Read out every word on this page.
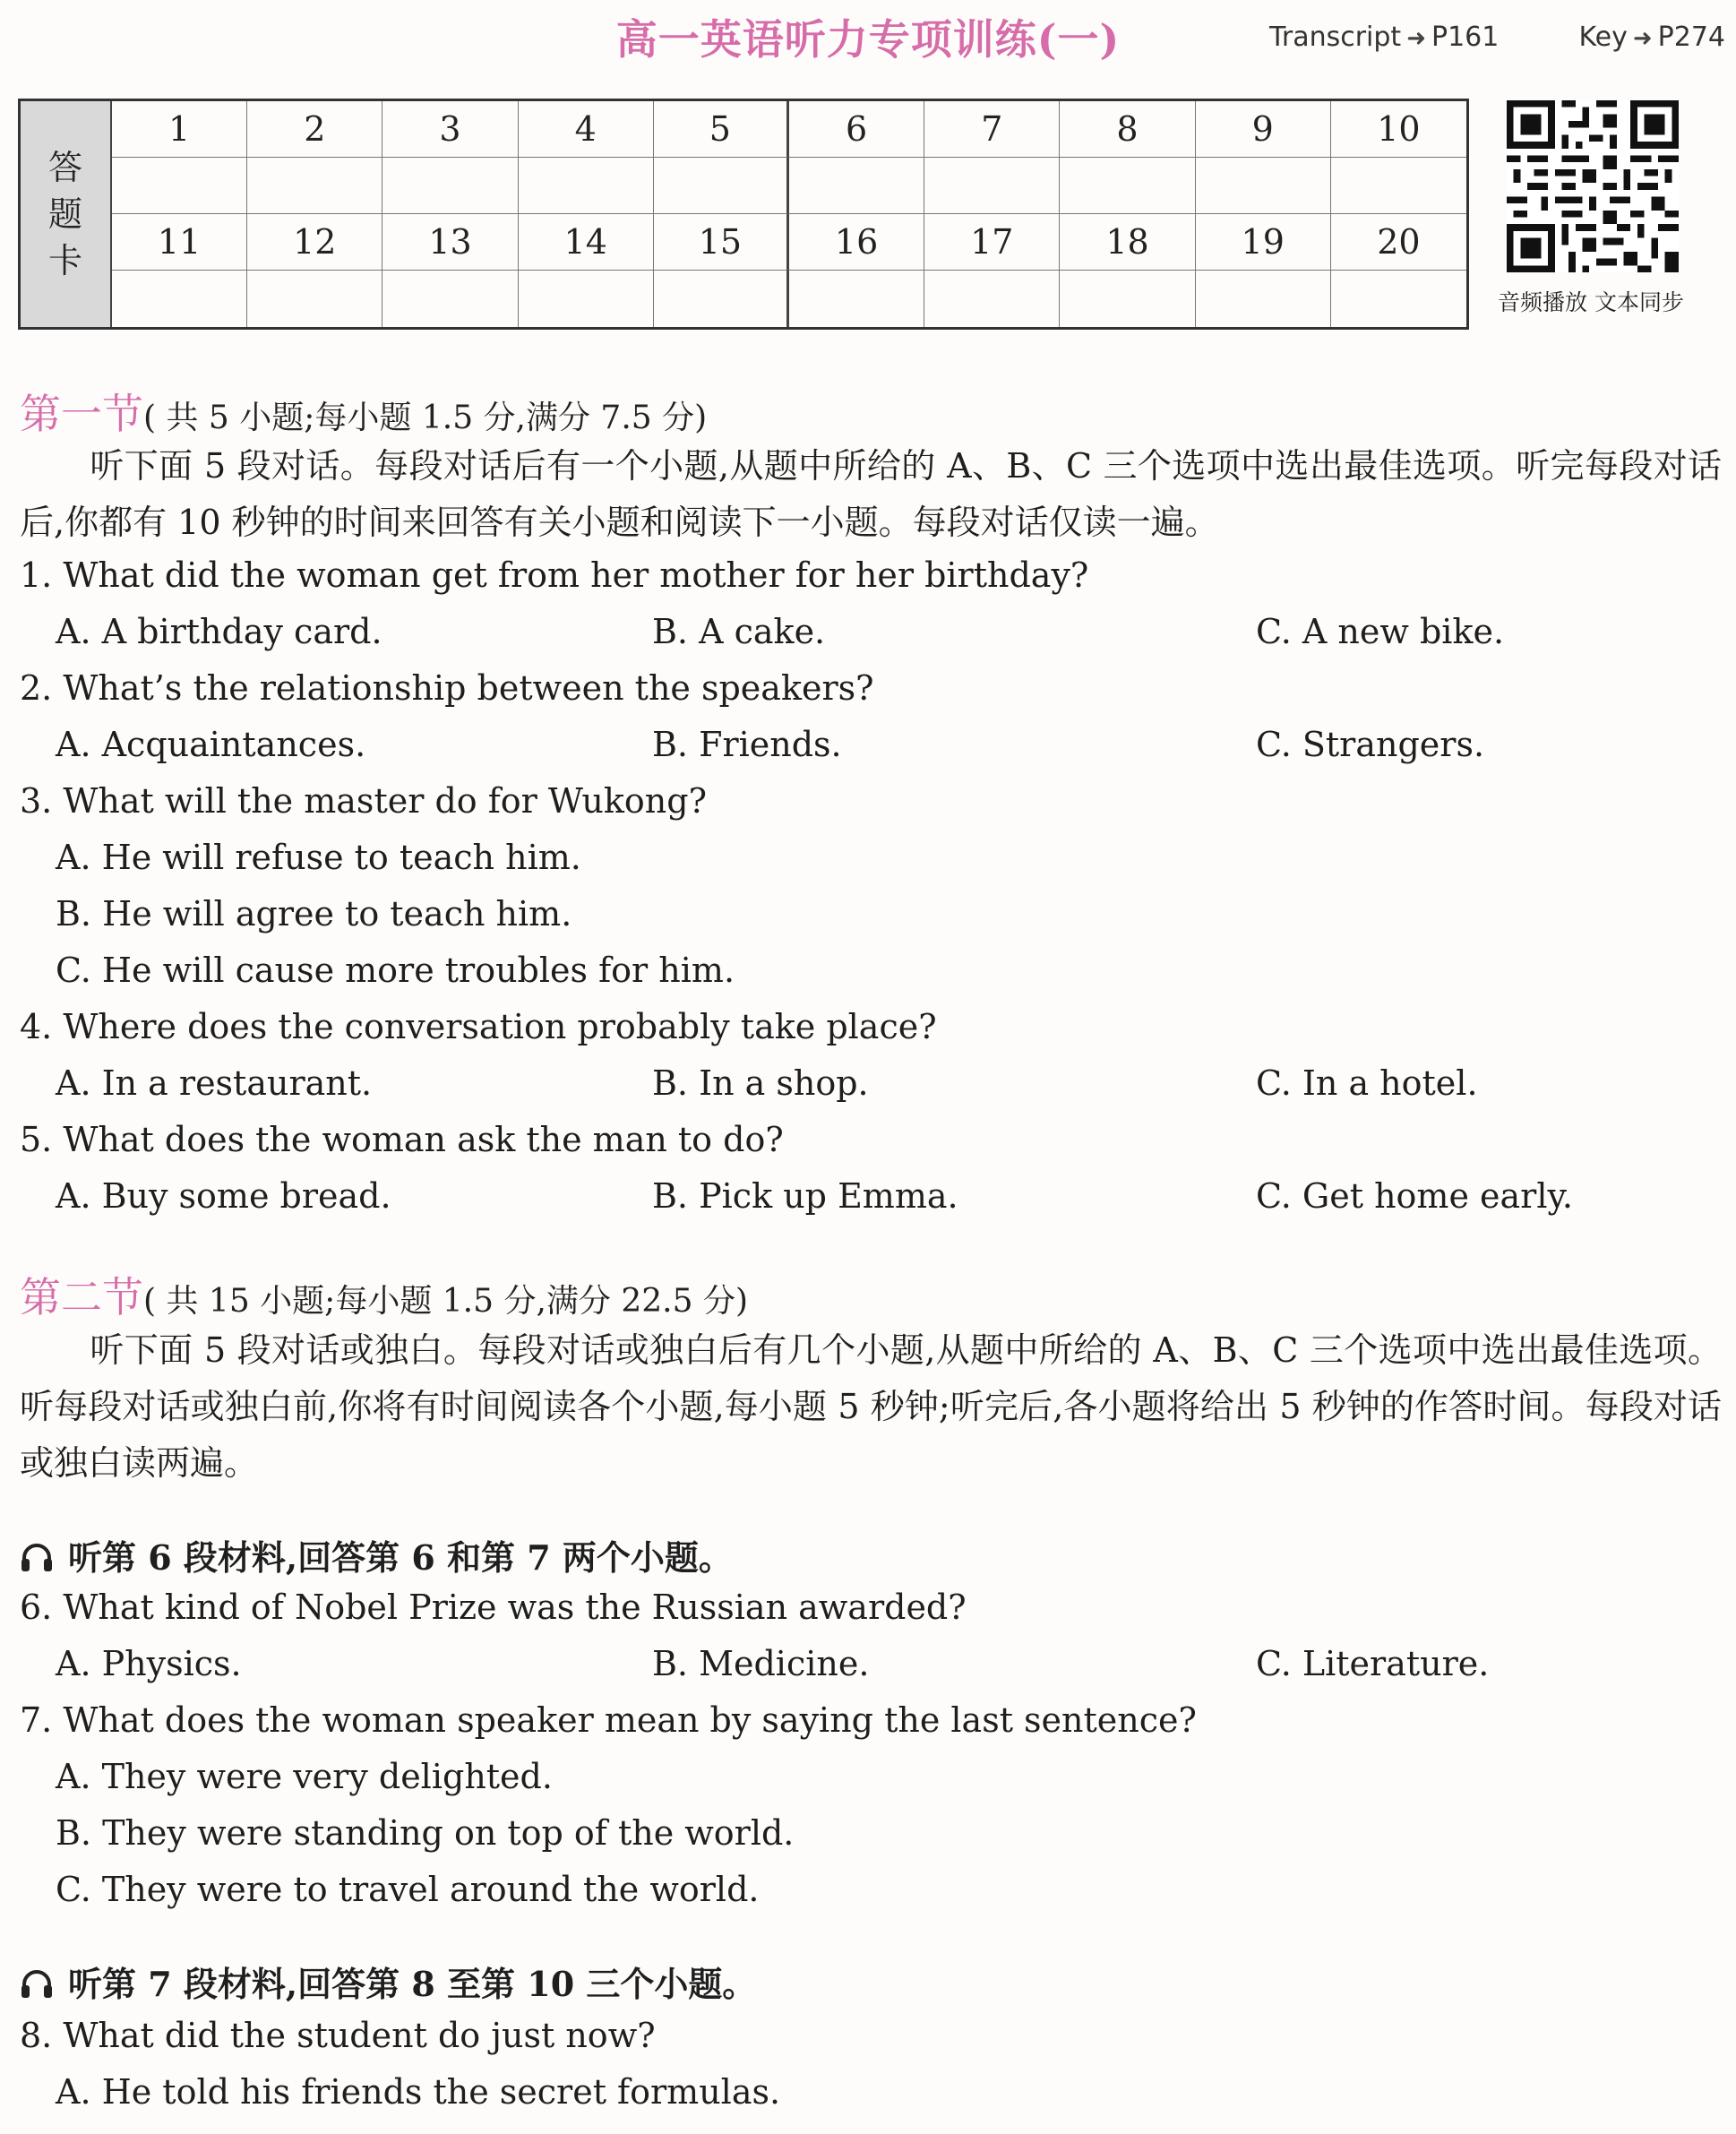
高一英语听力专项训练(一)	Transcript ➜ P161	Key ➜ P274
答
题
卡
1	2	3	4	5	6	7	8	9	10
11	12	13	14	15	16	17	18	19	20
音频播放 文本同步
第一节( 共 5 小题;每小题 1.5 分,满分 7.5 分)
听下面 5 段对话。每段对话后有一个小题,从题中所给的 A、B、C 三个选项中选出最佳选项。听完每段对话后,你都有 10 秒钟的时间来回答有关小题和阅读下一小题。每段对话仅读一遍。
1. What did the woman get from her mother for her birthday?
A. A birthday card.	B. A cake.	C. A new bike.
2. What’s the relationship between the speakers?
A. Acquaintances.	B. Friends.	C. Strangers.
3. What will the master do for Wukong?
A. He will refuse to teach him.
B. He will agree to teach him.
C. He will cause more troubles for him.
4. Where does the conversation probably take place?
A. In a restaurant.	B. In a shop.	C. In a hotel.
5. What does the woman ask the man to do?
A. Buy some bread.	B. Pick up Emma.	C. Get home early.
第二节( 共 15 小题;每小题 1.5 分,满分 22.5 分)
听下面 5 段对话或独白。每段对话或独白后有几个小题,从题中所给的 A、B、C 三个选项中选出最佳选项。听每段对话或独白前,你将有时间阅读各个小题,每小题 5 秒钟;听完后,各小题将给出 5 秒钟的作答时间。每段对话或独白读两遍。
听第 6 段材料,回答第 6 和第 7 两个小题。
6. What kind of Nobel Prize was the Russian awarded?
A. Physics.	B. Medicine.	C. Literature.
7. What does the woman speaker mean by saying the last sentence?
A. They were very delighted.
B. They were standing on top of the world.
C. They were to travel around the world.
听第 7 段材料,回答第 8 至第 10 三个小题。
8. What did the student do just now?
A. He told his friends the secret formulas.
